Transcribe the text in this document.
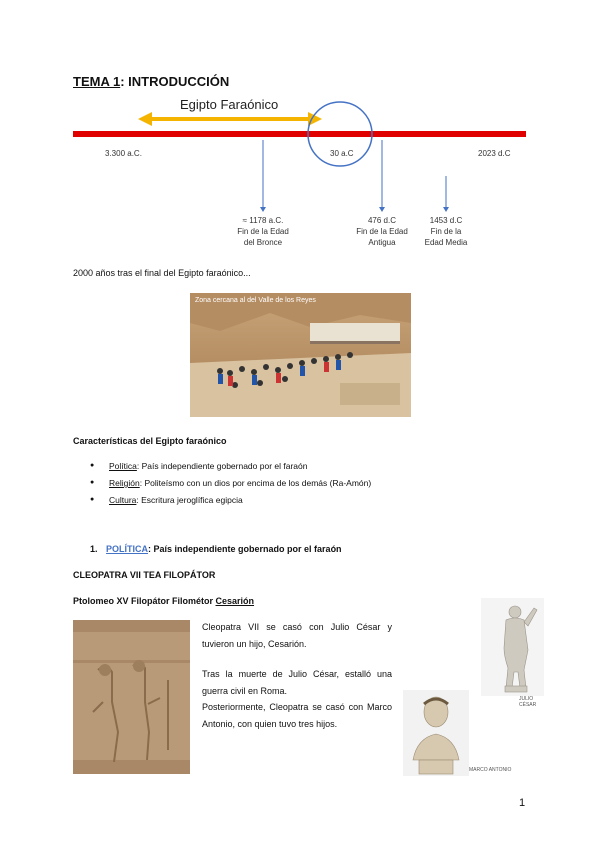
TEMA 1: INTRODUCCIÓN
Egipto Faraónico
3.300 a.C.	30 a.C	2023 d.C
≈ 1178 a.C.
Fin de la Edad
del Bronce
476 d.C
Fin de la Edad
Antigua
1453 d.C
Fin de la
Edad Media
2000 años tras el final del Egipto faraónico...
Zona cercana al del Valle de los Reyes
Características del Egipto faraónico
● Política: País independiente gobernado por el faraón
● Religión: Politeísmo con un dios por encima de los demás (Ra-Amón)
● Cultura: Escritura jeroglífica egipcia
1. POLÍTICA: País independiente gobernado por el faraón
CLEOPATRA VII TEA FILOPÁTOR
Ptolomeo XV Filopátor Filométor Cesarión
Cleopatra VII se casó con Julio César y tuvieron un hijo, Cesarión.
Tras la muerte de Julio César, estalló una guerra civil en Roma.
Posteriormente, Cleopatra se casó con Marco Antonio, con quien tuvo tres hijos.
JULIO CÉSAR
MARCO ANTONIO
1
